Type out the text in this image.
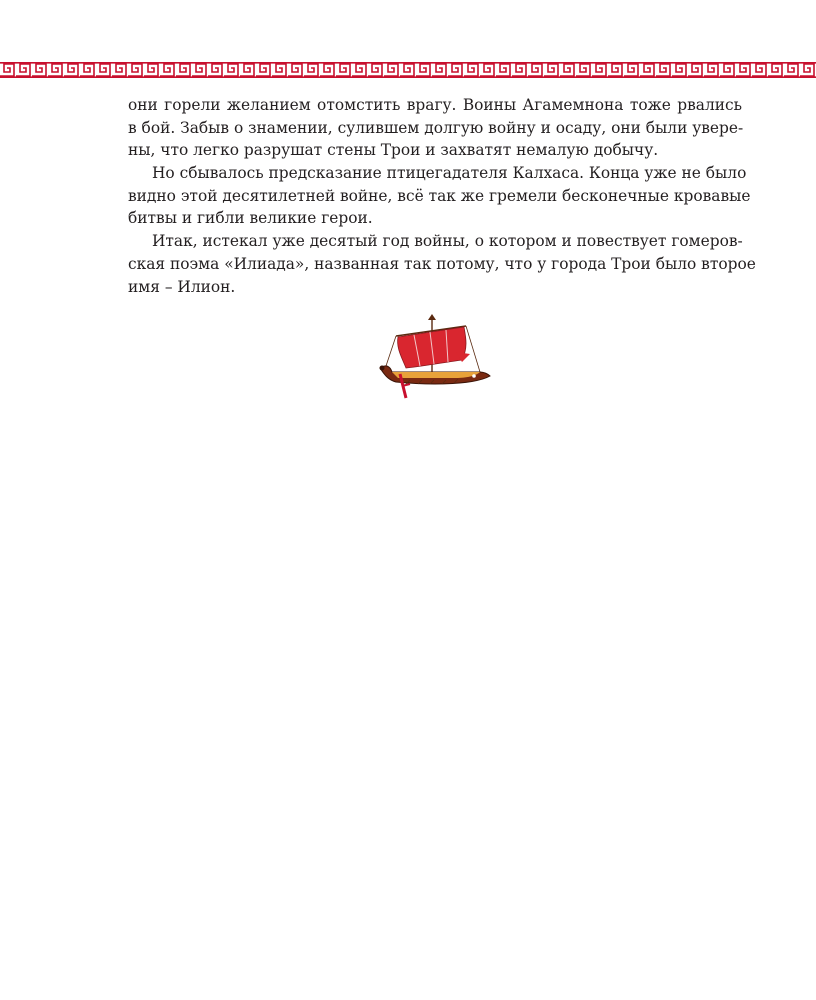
они горели желанием отомстить врагу. Воины Агамемнона тоже рвались
в бой. Забыв о знамении, сулившем долгую войну и осаду, они были увере-
ны, что легко разрушат стены Трои и захватят немалую добычу.
Но сбывалось предсказание птицегадателя Калхаса. Конца уже не было
видно этой десятилетней войне, всё так же гремели бесконечные кровавые
битвы и гибли великие герои.
Итак, истекал уже десятый год войны, о котором и повествует гомеров-
ская поэма «Илиада», названная так потому, что у города Трои было второе
имя – Илион.
